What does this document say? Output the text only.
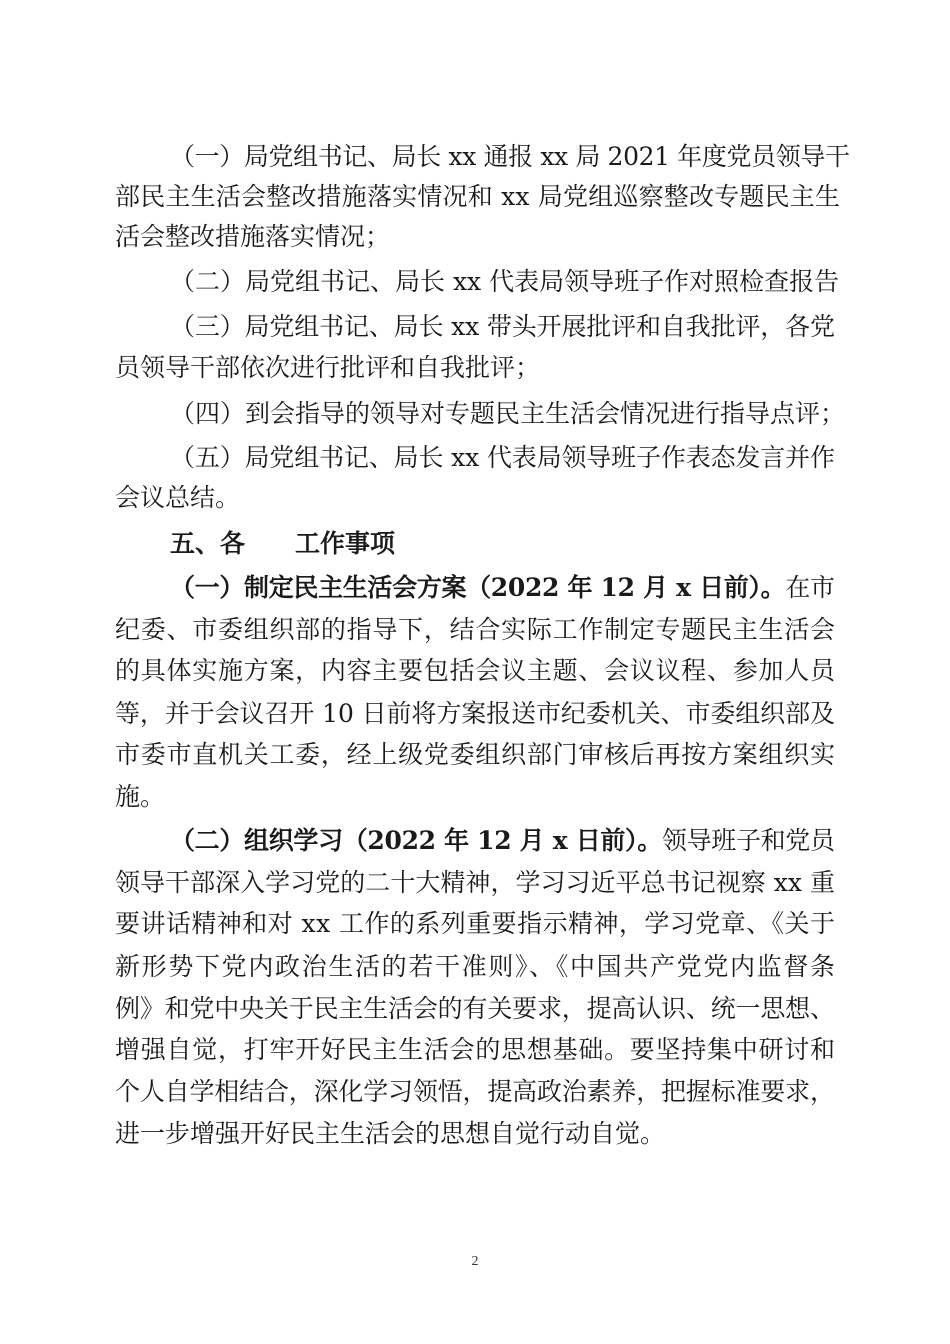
（一）局党组书记、局长 xx 通报 xx 局 2021 年度党员领导干
部民主生活会整改措施落实情况和 xx 局党组巡察整改专题民主生
活会整改措施落实情况；
（二）局党组书记、局长 xx 代表局领导班子作对照检查报告
（三）局党组书记、局长 xx 带头开展批评和自我批评，各党
员领导干部依次进行批评和自我批评；
（四）到会指导的领导对专题民主生活会情况进行指导点评；
（五）局党组书记、局长 xx 代表局领导班子作表态发言并作
会议总结。
五、各　　工作事项
（一）制定民主生活会方案（2022 年 12 月 x 日前）。在市
纪委、市委组织部的指导下，结合实际工作制定专题民主生活会
的具体实施方案，内容主要包括会议主题、会议议程、参加人员
等，并于会议召开 10 日前将方案报送市纪委机关、市委组织部及
市委市直机关工委，经上级党委组织部门审核后再按方案组织实
施。
（二）组织学习（2022 年 12 月 x 日前）。领导班子和党员
领导干部深入学习党的二十大精神，学习习近平总书记视察 xx 重
要讲话精神和对 xx 工作的系列重要指示精神，学习党章、《关于
新形势下党内政治生活的若干准则》、《中国共产党党内监督条
例》和党中央关于民主生活会的有关要求，提高认识、统一思想、
增强自觉，打牢开好民主生活会的思想基础。要坚持集中研讨和
个人自学相结合，深化学习领悟，提高政治素养，把握标准要求，
进一步增强开好民主生活会的思想自觉行动自觉。
2
